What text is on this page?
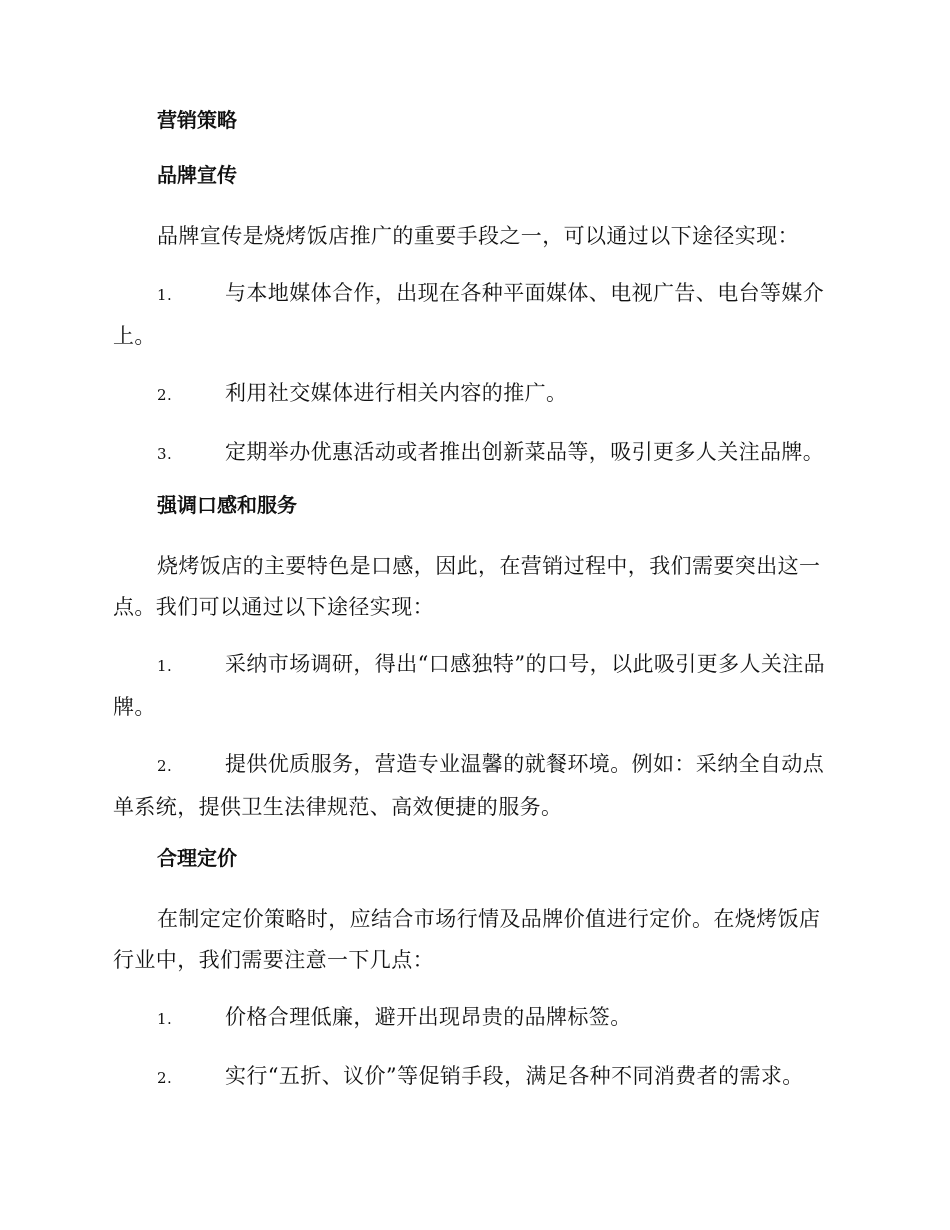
营销策略
品牌宣传
品牌宣传是烧烤饭店推广的重要手段之一，可以通过以下途径实现：
1.	与本地媒体合作，出现在各种平面媒体、电视广告、电台等媒介上。
2.	利用社交媒体进行相关内容的推广。
3.	定期举办优惠活动或者推出创新菜品等，吸引更多人关注品牌。
强调口感和服务
烧烤饭店的主要特色是口感，因此，在营销过程中，我们需要突出这一点。我们可以通过以下途径实现：
1.	采纳市场调研，得出“口感独特”的口号，以此吸引更多人关注品牌。
2.	提供优质服务，营造专业温馨的就餐环境。例如：采纳全自动点单系统，提供卫生法律规范、高效便捷的服务。
合理定价
在制定定价策略时，应结合市场行情及品牌价值进行定价。在烧烤饭店行业中，我们需要注意一下几点：
1.	价格合理低廉，避开出现昂贵的品牌标签。
2.	实行“五折、议价”等促销手段，满足各种不同消费者的需求。
